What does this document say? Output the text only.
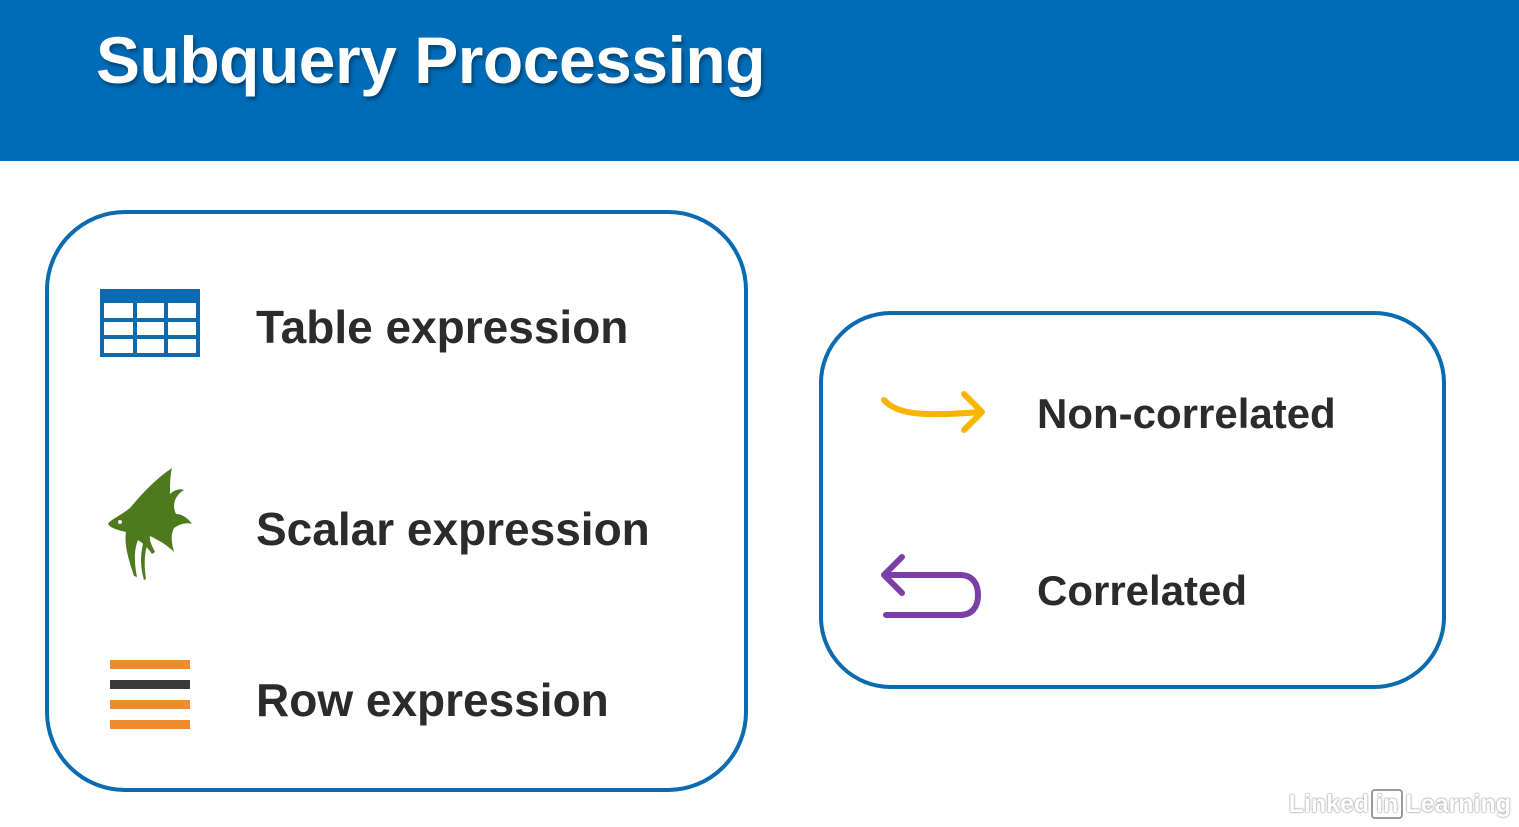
Subquery Processing
Table expression
Scalar expression
Row expression
Non-correlated
Correlated
Linked in Learning
